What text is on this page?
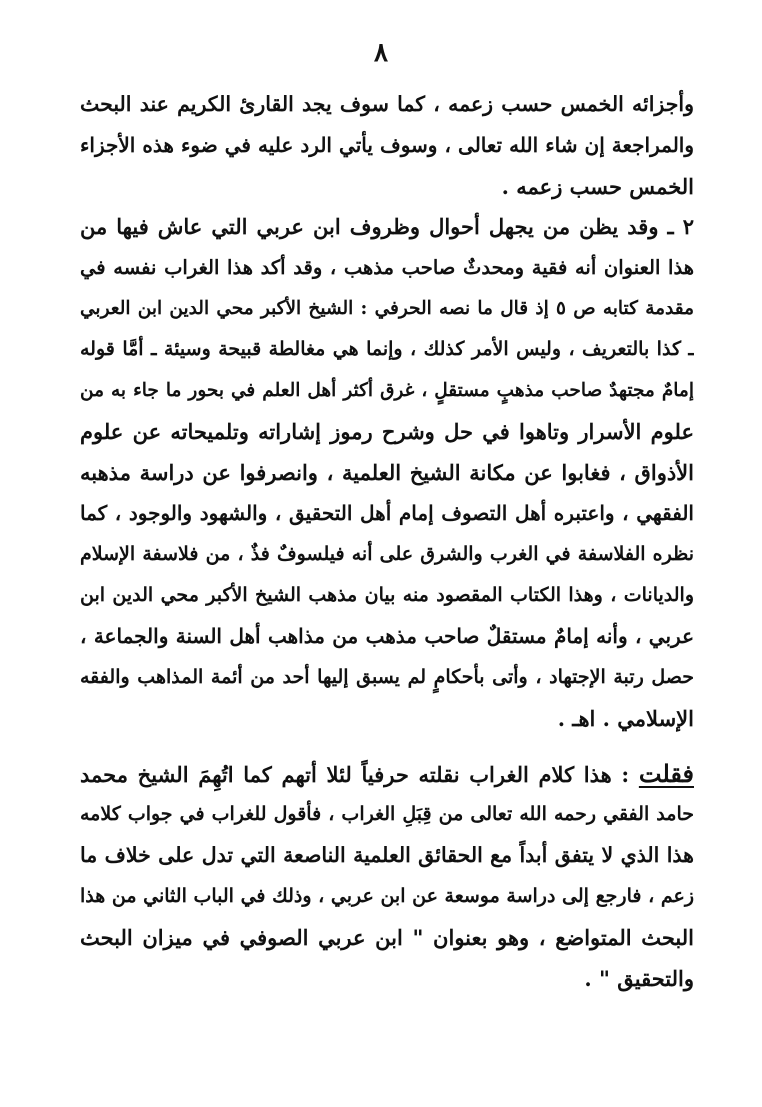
٨
وأجزائه الخمس حسب زعمه ، كما سوف يجد القارئ الكريم عند البحث
والمراجعة إن شاء الله تعالى ، وسوف يأتي الرد عليه في ضوء هذه الأجزاء
الخمس حسب زعمه .
٢ ـ وقد يظن من يجهل أحوال وظروف ابن عربي التي عاش فيها من
هذا العنوان أنه فقية ومحدثٌ صاحب مذهب ، وقد أكد هذا الغراب نفسه في
مقدمة كتابه ص ٥ إذ قال ما نصه الحرفي : الشيخ الأكبر محي الدين ابن العربي
ـ كذا بالتعريف ، وليس الأمر كذلك ، وإنما هي مغالطة قبيحة وسيئة ـ أمَّا قوله
إمامٌ مجتهدٌ صاحب مذهبٍ مستقلٍ ، غرق أكثر أهل العلم في بحور ما جاء به من
علوم الأسرار وتاهوا في حل وشرح رموز إشاراته وتلميحاته عن علوم
الأذواق ، فغابوا عن مكانة الشيخ العلمية ، وانصرفوا عن دراسة مذهبه
الفقهي ، واعتبره أهل التصوف إمام أهل التحقيق ، والشهود والوجود ، كما
نظره الفلاسفة في الغرب والشرق على أنه فيلسوفٌ فذٌ ، من فلاسفة الإسلام
والديانات ، وهذا الكتاب المقصود منه بيان مذهب الشيخ الأكبر محي الدين ابن
عربي ، وأنه إمامٌ مستقلٌ صاحب مذهب من مذاهب أهل السنة والجماعة ،
حصل رتبة الإجتهاد ، وأتى بأحكامٍ لم يسبق إليها أحد من أئمة المذاهب والفقه
الإسلامي . اهـ .
فقلت : هذا كلام الغراب نقلته حرفياً لئلا أتهم كما اتُهِمَ الشيخ محمد
حامد الفقي رحمه الله تعالى من قِبَلِ الغراب ، فأقول للغراب في جواب كلامه
هذا الذي لا يتفق أبداً مع الحقائق العلمية الناصعة التي تدل على خلاف ما
زعم ، فارجع إلى دراسة موسعة عن ابن عربي ، وذلك في الباب الثاني من هذا
البحث المتواضع ، وهو بعنوان " ابن عربي الصوفي في ميزان البحث
والتحقيق " .
